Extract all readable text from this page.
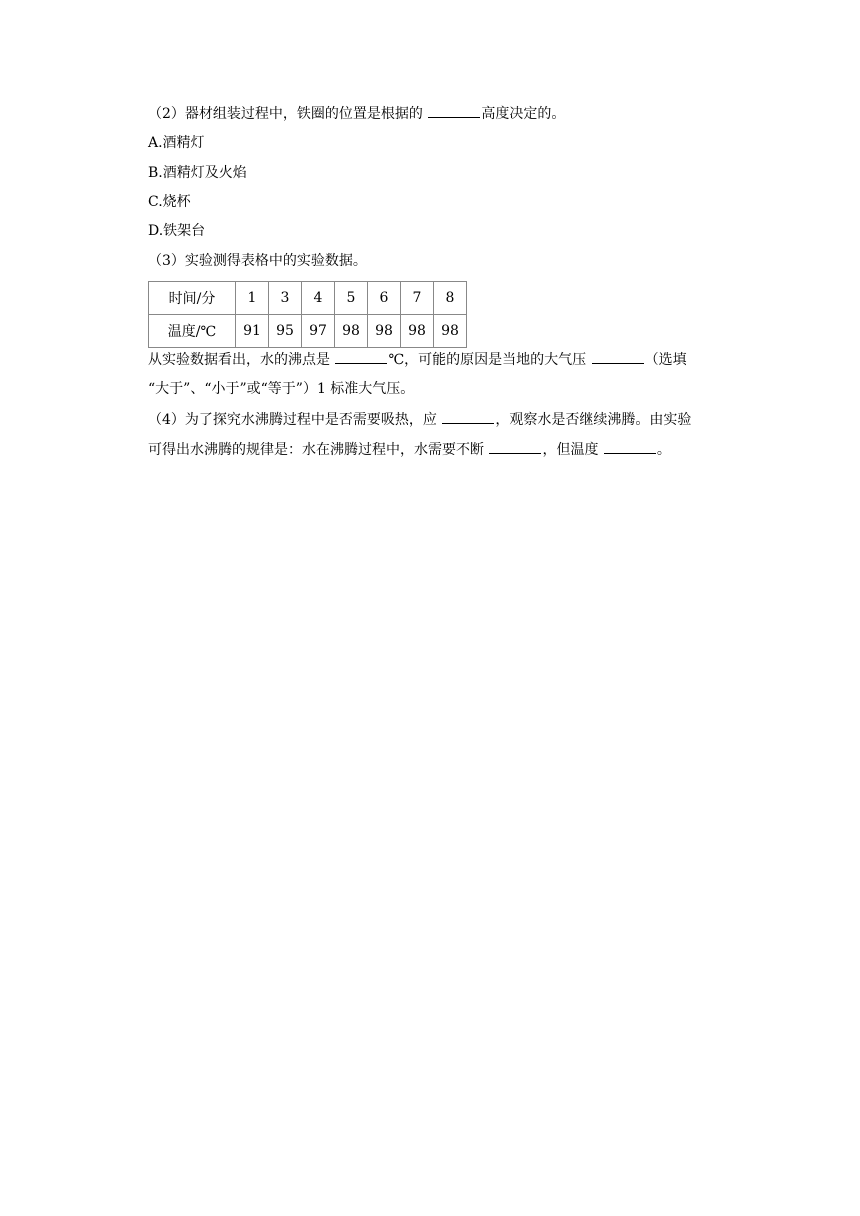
（2）器材组装过程中，铁圈的位置是根据的	高度决定的。
A.酒精灯
B.酒精灯及火焰
C.烧杯
D.铁架台
（3）实验测得表格中的实验数据。
时间/分	1	3	4	5	6	7	8
温度/℃	91	95	97	98	98	98	98
从实验数据看出，水的沸点是	℃，可能的原因是当地的大气压	（选填
“大于”、“小于”或“等于”）1 标准大气压。
（4）为了探究水沸腾过程中是否需要吸热，应	，观察水是否继续沸腾。由实验
可得出水沸腾的规律是：水在沸腾过程中，水需要不断	，但温度	。
